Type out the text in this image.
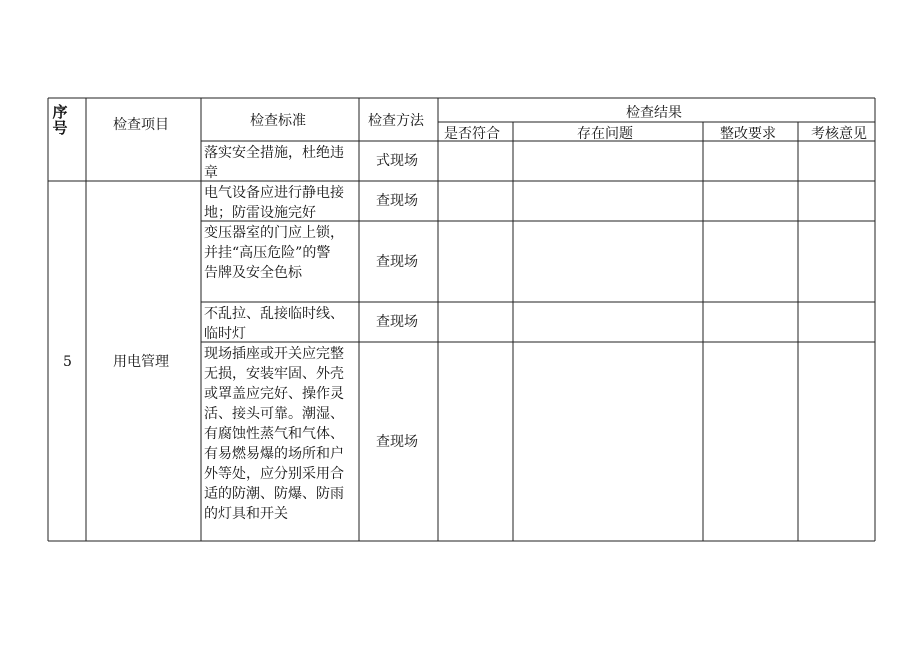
序号	检查项目	检查标准	检查方法	检查结果
是否符合	存在问题	整改要求	考核意见
落实安全措施，杜绝违
章
式现场
5	用电管理
电气设备应进行静电接
地；防雷设施完好
查现场
变压器室的门应上锁，
并挂“高压危险”的警
告牌及安全色标
查现场
不乱拉、乱接临时线、
临时灯
查现场
现场插座或开关应完整
无损，安装牢固、外壳
或罩盖应完好、操作灵
活、接头可靠。潮湿、
有腐蚀性蒸气和气体、
有易燃易爆的场所和户
外等处，应分别采用合
适的防潮、防爆、防雨
的灯具和开关
查现场
